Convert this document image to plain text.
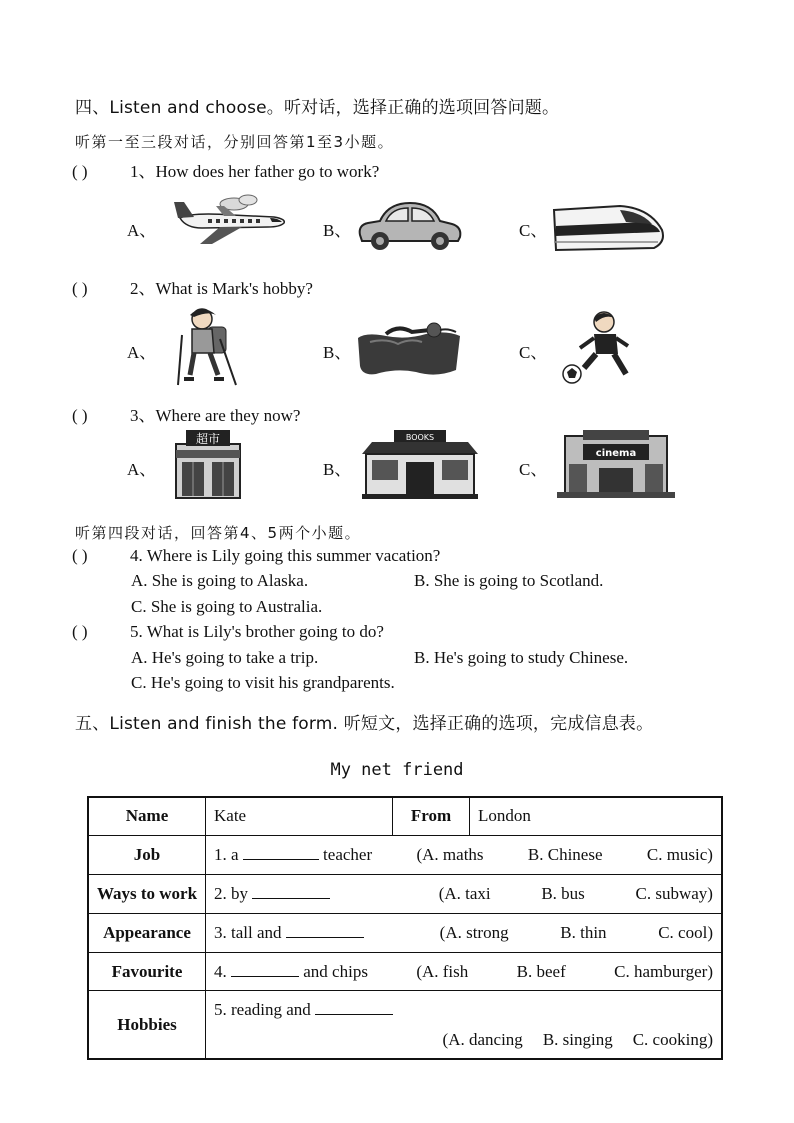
四、Listen and choose。听对话，选择正确的选项回答问题。
听第一至三段对话，分别回答第1至3小题。
( ) 1、How does her father go to work?
A、	B、	C、
( ) 2、What is Mark's hobby?
A、	B、	C、
( ) 3、Where are they now?
A、	B、	C、
超市	BOOKS
cinema
听第四段对话，回答第4、5两个小题。
( ) 4. Where is Lily going this summer vacation?
A. She is going to Alaska.	B. She is going to Scotland.
C. She is going to Australia.
( ) 5. What is Lily's brother going to do?
A. He's going to take a trip.	B. He's going to study Chinese.
C. He's going to visit his grandparents.
五、Listen and finish the form. 听短文，选择正确的选项，完成信息表。
My net friend
Name	Kate	From	London
Job	1. a teacher (A. maths B. Chinese C. music)		

Ways to work	2. by (A. taxi B. bus C. subway)		

Appearance	3. tall and (A. strong B. thin C. cool)		

Favourite	4. and chips (A. fish B. beef C. hamburger)		

Hobbies	5. reading and
(A. dancing B. singing C. cooking)		
